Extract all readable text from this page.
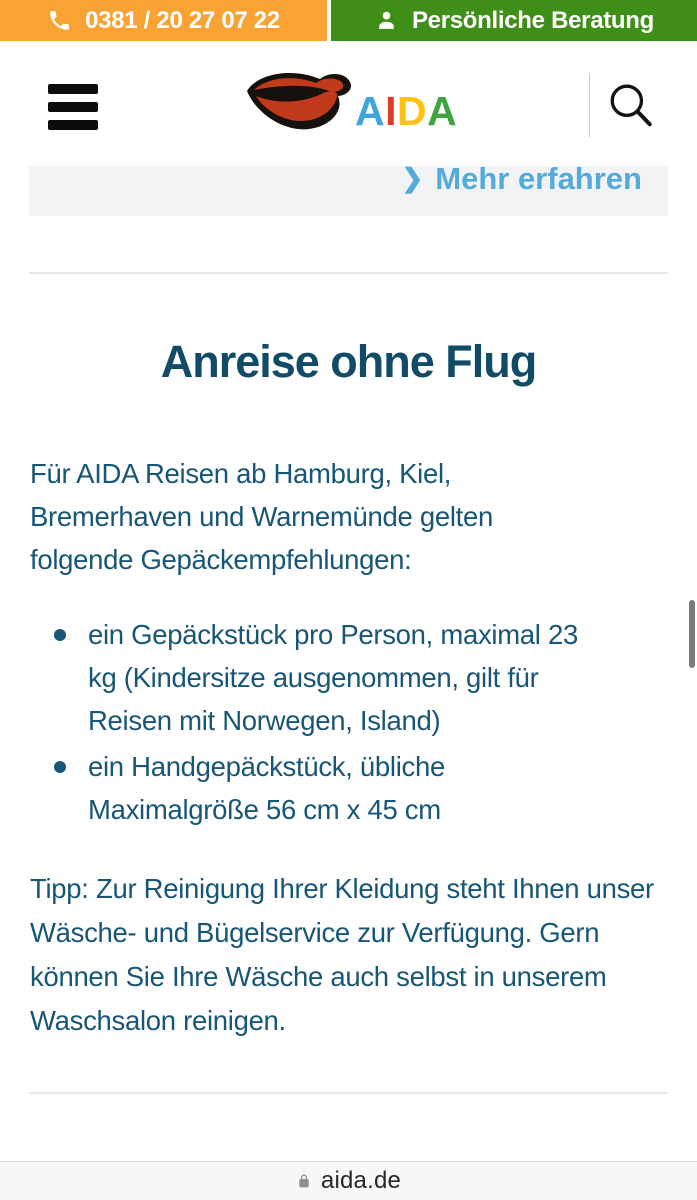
0381 / 20 27 07 22	Persönliche Beratung
A I D A
❯ Mehr erfahren
Anreise ohne Flug

Für AIDA Reisen ab Hamburg, Kiel, Bremerhaven und Warnemünde gelten folgende Gepäckempfehlungen:

ein Gepäckstück pro Person, maximal 23 kg (Kindersitze ausgenommen, gilt für Reisen mit Norwegen, Island)
ein Handgepäckstück, übliche Maximalgröße 56 cm x 45 cm

Tipp: Zur Reinigung Ihrer Kleidung steht Ihnen unser Wäsche- und Bügelservice zur Verfügung. Gern können Sie Ihre Wäsche auch selbst in unserem Waschsalon reinigen.

aida.de
